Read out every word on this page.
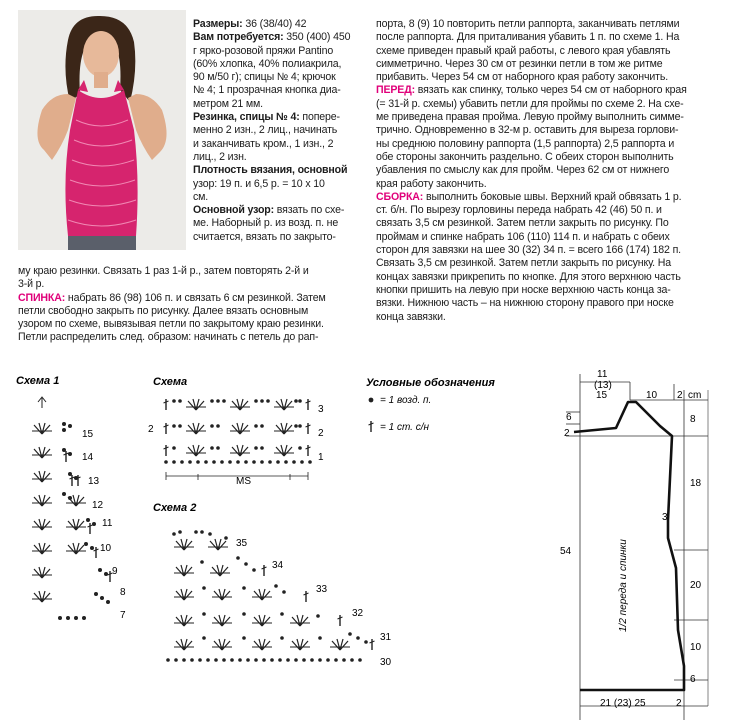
Размеры: 36 (38/40) 42

Вам потребуется: 350 (400) 450

г ярко-розовой пряжи Pantino

(60% хлопка, 40% полиакрила,

90 м/50 г); спицы № 4; крючок

№ 4; 1 прозрачная кнопка диа-

метром 21 мм.

Резинка, спицы № 4: попере-

менно 2 изн., 2 лиц., начинать

и заканчивать кром., 1 изн., 2

лиц., 2 изн.

Плотность вязания, основной

узор: 19 п. и 6,5 р. = 10 х 10

см.

Основной узор: вязать по схе-

ме. Наборный р. из возд. п. не

считается, вязать по закрыто-

му краю резинки. Связать 1 раз 1-й р., затем повторять 2-й и

3-й р.

СПИНКА: набрать 86 (98) 106 п. и связать 6 см резинкой. Затем

петли свободно закрыть по рисунку. Далее вязать основным

узором по схеме, вывязывая петли по закрытому краю резинки.

Петли распределить след. образом: начинать с петель до рап-

порта, 8 (9) 10 повторить петли раппорта, заканчивать петлями

после раппорта. Для приталивания убавить 1 п. по схеме 1. На

схеме приведен правый край работы, с левого края убавлять

симметрично. Через 30 см от резинки петли в том же ритме

прибавить. Через 54 см от наборного края работу закончить.

ПЕРЕД: вязать как спинку, только через 54 см от наборного края

(= 31-й р. схемы) убавить петли для проймы по схеме 2. На схе-

ме приведена правая пройма. Левую пройму выполнить симме-

трично. Одновременно в 32-м р. оставить для выреза горлови-

ны среднюю половину раппорта (1,5 раппорта) 2,5 раппорта и

обе стороны закончить раздельно. С обеих сторон выполнить

убавления по смыслу как для пройм. Через 62 см от нижнего

края работу закончить.

СБОРКА: выполнить боковые швы. Верхний край обвязать 1 р.

ст. б/н. По вырезу горловины переда набрать 42 (46) 50 п. и

связать 3,5 см резинкой. Затем петли закрыть по рисунку. По

проймам и спинке набрать 106 (110) 114 п. и набрать с обеих

сторон для завязки на шее 30 (32) 34 п. = всего 166 (174) 182 п.

Связать 3,5 см резинкой. Затем петли закрыть по рисунку. На

концах завязки прикрепить по кнопке. Для этого верхнюю часть

кнопки пришить на левую при носке верхнюю часть конца за-

вязки. Нижнюю часть – на нижнюю сторону правого при носке

конца завязки.

Схема 1
15
14
13
12
11
10
9
8
7
Схема
2
3
2
1
MS
Схема 2
35
34
33
32
31
30
Условные обозначения
= 1 возд. п.
= 1 ст. с/н
11
(13)
15	10 2 cm
6
2
54
8
18
20
10
6
3
21 (23) 25	2
1/2 переда и спинки
